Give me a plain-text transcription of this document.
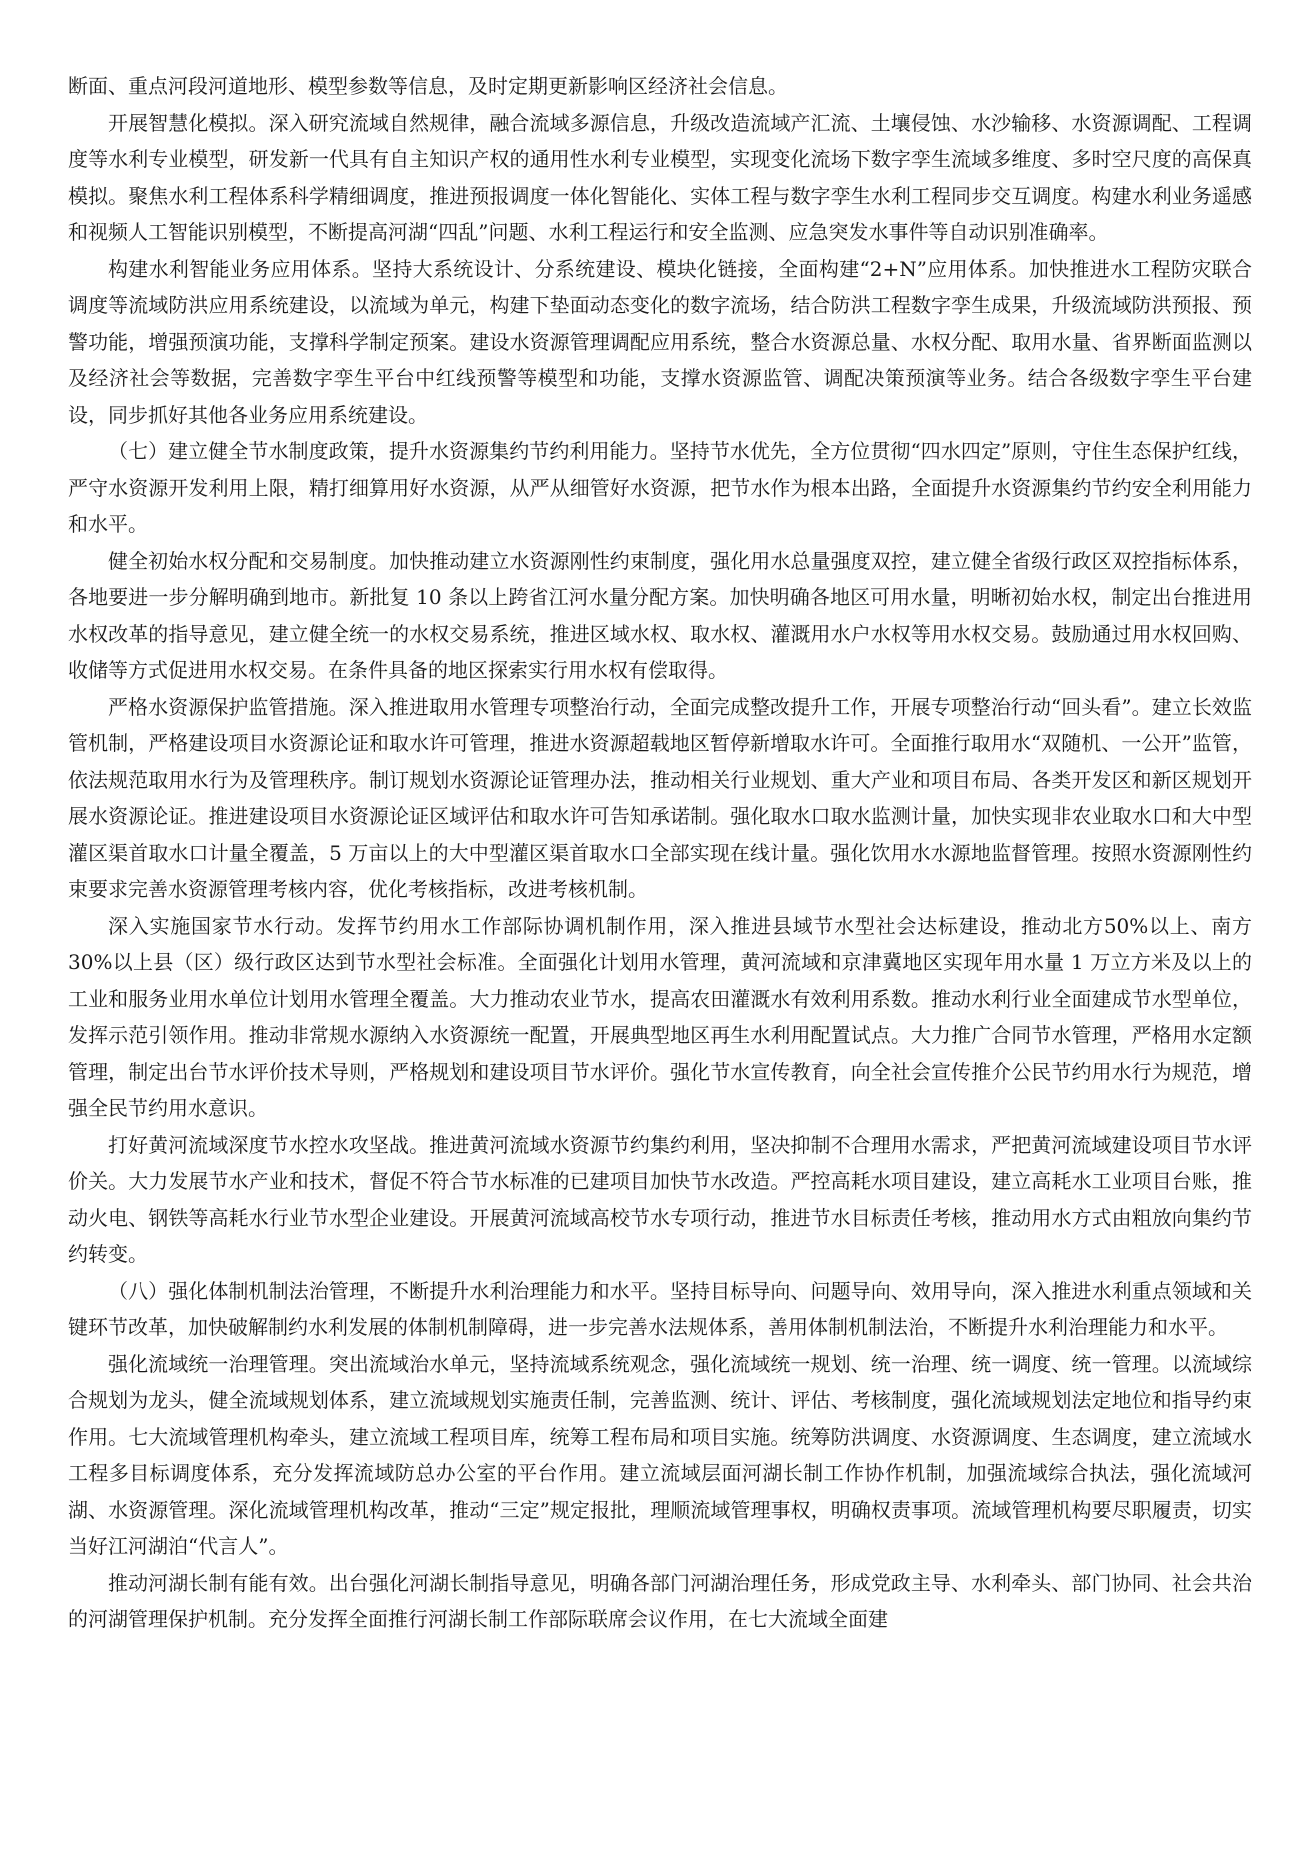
断面、重点河段河道地形、模型参数等信息，及时定期更新影响区经济社会信息。

开展智慧化模拟。深入研究流域自然规律，融合流域多源信息，升级改造流域产汇流、土壤侵蚀、水沙输移、水资源调配、工程调度等水利专业模型，研发新一代具有自主知识产权的通用性水利专业模型，实现变化流场下数字孪生流域多维度、多时空尺度的高保真模拟。聚焦水利工程体系科学精细调度，推进预报调度一体化智能化、实体工程与数字孪生水利工程同步交互调度。构建水利业务遥感和视频人工智能识别模型，不断提高河湖“四乱”问题、水利工程运行和安全监测、应急突发水事件等自动识别准确率。

构建水利智能业务应用体系。坚持大系统设计、分系统建设、模块化链接，全面构建“2+N”应用体系。加快推进水工程防灾联合调度等流域防洪应用系统建设，以流域为单元，构建下垫面动态变化的数字流场，结合防洪工程数字孪生成果，升级流域防洪预报、预警功能，增强预演功能，支撑科学制定预案。建设水资源管理调配应用系统，整合水资源总量、水权分配、取用水量、省界断面监测以及经济社会等数据，完善数字孪生平台中红线预警等模型和功能，支撑水资源监管、调配决策预演等业务。结合各级数字孪生平台建设，同步抓好其他各业务应用系统建设。

（七）建立健全节水制度政策，提升水资源集约节约利用能力。坚持节水优先，全方位贯彻“四水四定”原则，守住生态保护红线，严守水资源开发利用上限，精打细算用好水资源，从严从细管好水资源，把节水作为根本出路，全面提升水资源集约节约安全利用能力和水平。

健全初始水权分配和交易制度。加快推动建立水资源刚性约束制度，强化用水总量强度双控，建立健全省级行政区双控指标体系，各地要进一步分解明确到地市。新批复 10 条以上跨省江河水量分配方案。加快明确各地区可用水量，明晰初始水权，制定出台推进用水权改革的指导意见，建立健全统一的水权交易系统，推进区域水权、取水权、灌溉用水户水权等用水权交易。鼓励通过用水权回购、收储等方式促进用水权交易。在条件具备的地区探索实行用水权有偿取得。

严格水资源保护监管措施。深入推进取用水管理专项整治行动，全面完成整改提升工作，开展专项整治行动“回头看”。建立长效监管机制，严格建设项目水资源论证和取水许可管理，推进水资源超载地区暂停新增取水许可。全面推行取用水“双随机、一公开”监管，依法规范取用水行为及管理秩序。制订规划水资源论证管理办法，推动相关行业规划、重大产业和项目布局、各类开发区和新区规划开展水资源论证。推进建设项目水资源论证区域评估和取水许可告知承诺制。强化取水口取水监测计量，加快实现非农业取水口和大中型灌区渠首取水口计量全覆盖，5 万亩以上的大中型灌区渠首取水口全部实现在线计量。强化饮用水水源地监督管理。按照水资源刚性约束要求完善水资源管理考核内容，优化考核指标，改进考核机制。

深入实施国家节水行动。发挥节约用水工作部际协调机制作用，深入推进县域节水型社会达标建设，推动北方50%以上、南方 30%以上县（区）级行政区达到节水型社会标准。全面强化计划用水管理，黄河流域和京津冀地区实现年用水量 1 万立方米及以上的工业和服务业用水单位计划用水管理全覆盖。大力推动农业节水，提高农田灌溉水有效利用系数。推动水利行业全面建成节水型单位，发挥示范引领作用。推动非常规水源纳入水资源统一配置，开展典型地区再生水利用配置试点。大力推广合同节水管理，严格用水定额管理，制定出台节水评价技术导则，严格规划和建设项目节水评价。强化节水宣传教育，向全社会宣传推介公民节约用水行为规范，增强全民节约用水意识。

打好黄河流域深度节水控水攻坚战。推进黄河流域水资源节约集约利用，坚决抑制不合理用水需求，严把黄河流域建设项目节水评价关。大力发展节水产业和技术，督促不符合节水标准的已建项目加快节水改造。严控高耗水项目建设，建立高耗水工业项目台账，推动火电、钢铁等高耗水行业节水型企业建设。开展黄河流域高校节水专项行动，推进节水目标责任考核，推动用水方式由粗放向集约节约转变。

（八）强化体制机制法治管理，不断提升水利治理能力和水平。坚持目标导向、问题导向、效用导向，深入推进水利重点领域和关键环节改革，加快破解制约水利发展的体制机制障碍，进一步完善水法规体系，善用体制机制法治，不断提升水利治理能力和水平。

强化流域统一治理管理。突出流域治水单元，坚持流域系统观念，强化流域统一规划、统一治理、统一调度、统一管理。以流域综合规划为龙头，健全流域规划体系，建立流域规划实施责任制，完善监测、统计、评估、考核制度，强化流域规划法定地位和指导约束作用。七大流域管理机构牵头，建立流域工程项目库，统筹工程布局和项目实施。统筹防洪调度、水资源调度、生态调度，建立流域水工程多目标调度体系，充分发挥流域防总办公室的平台作用。建立流域层面河湖长制工作协作机制，加强流域综合执法，强化流域河湖、水资源管理。深化流域管理机构改革，推动“三定”规定报批，理顺流域管理事权，明确权责事项。流域管理机构要尽职履责，切实当好江河湖泊“代言人”。

推动河湖长制有能有效。出台强化河湖长制指导意见，明确各部门河湖治理任务，形成党政主导、水利牵头、部门协同、社会共治的河湖管理保护机制。充分发挥全面推行河湖长制工作部际联席会议作用，在七大流域全面建
